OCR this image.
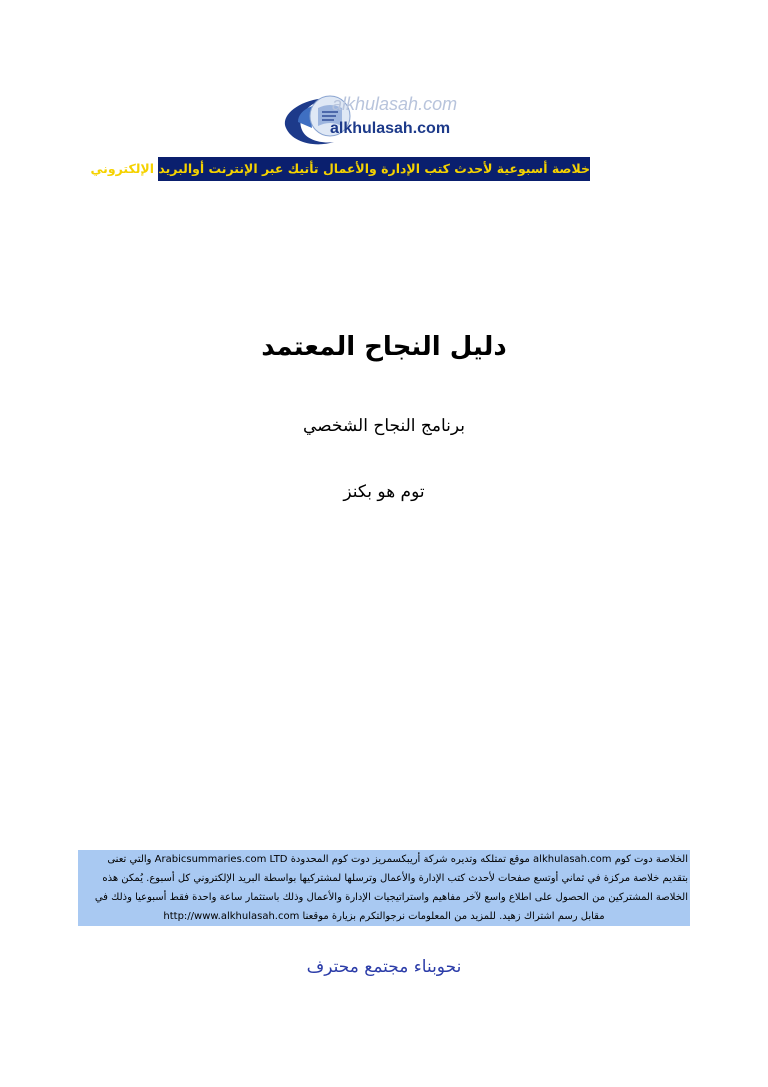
alkhulasah.com
alkhulasah.com
خلاصة أسبوعية لأحدث كتب الإدارة والأعمال تأتيك عبر الإنترنت أوالبريد الإلكتروني
دليل النجاح المعتمد
برنامج النجاح الشخصي
توم هو بكنز
الخلاصة دوت كوم alkhulasah.com موقع تمتلكه وتديره شركة أريبكسمريز دوت كوم المحدودة Arabicsummaries.com LTD والتي تعنى
بتقديم خلاصة مركزة في ثماني أوتسع صفحات لأحدث كتب الإدارة والأعمال وترسلها لمشتركيها بواسطة البريد الإلكتروني كل أسبوع. يُمكن هذه
الخلاصة المشتركين من الحصول على اطلاع واسع لآخر مفاهيم واستراتيجيات الإدارة والأعمال وذلك باستثمار ساعة واحدة فقط أسبوعيا وذلك في
مقابل رسم اشتراك زهيد. للمزيد من المعلومات نرجوالتكرم بزيارة موقعنا http://www.alkhulasah.com
نحوبناء مجتمع محترف
